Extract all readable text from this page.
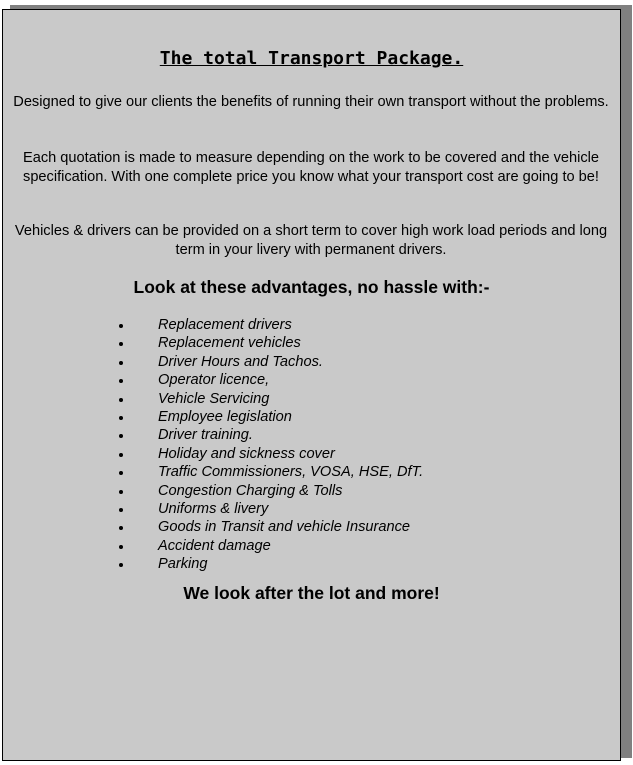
The total Transport Package.

Designed to give our clients the benefits of running their own transport without the problems.

Each quotation is made to measure depending on the work to be covered and the vehicle specification. With one complete price you know what your transport cost are going to be!

Vehicles & drivers can be provided on a short term to cover high work load periods and long term in your livery with permanent drivers.

Look at these advantages, no hassle with:-
Replacement drivers
Replacement vehicles
Driver Hours and Tachos.
Operator licence,
Vehicle Servicing
Employee legislation
Driver training.
Holiday and sickness cover
Traffic Commissioners, VOSA, HSE, DfT.
Congestion Charging & Tolls
Uniforms & livery
Goods in Transit and vehicle Insurance
Accident damage
Parking
We look after the lot and more!
